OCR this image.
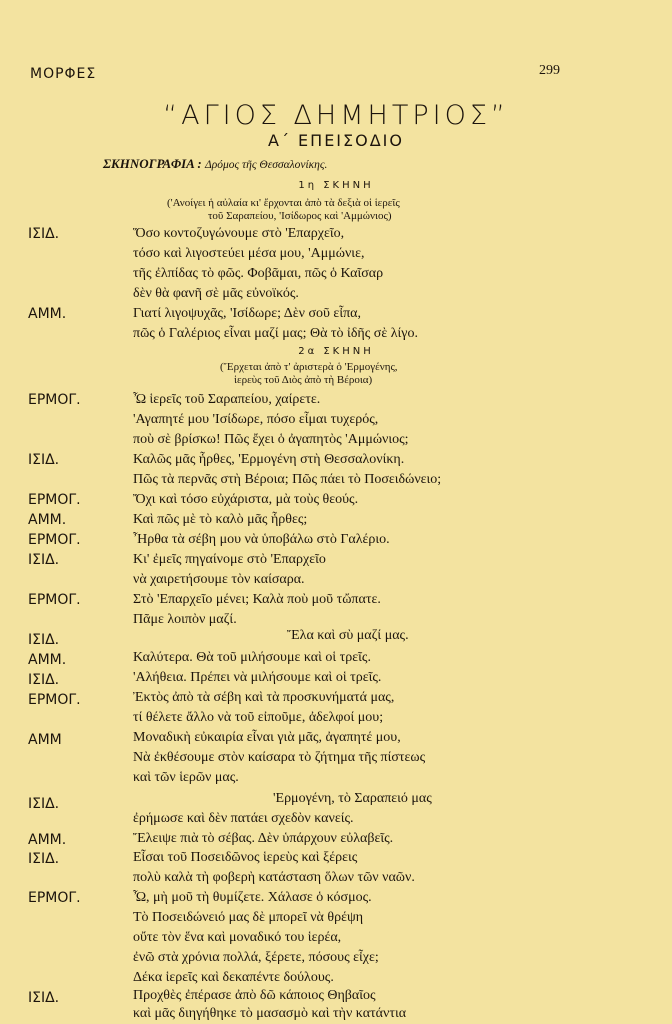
ΜΟΡΦΕΣ	299
“ΑΓΙΟΣ ΔΗΜΗΤΡΙΟΣ”
Α΄ ΕΠΕΙΣΟΔΙΟ
ΣΚΗΝΟΓΡΑΦΙΑ : Δρόμος τῆς Θεσσαλονίκης.
1η ΣΚΗΝΗ
('Ανοίγει ἡ αὐλαία κι' ἔρχονται ἀπὸ τὰ δεξιὰ οἱ ἱερεῖς
τοῦ Σαραπείου, 'Ισίδωρος καὶ 'Αμμώνιος)
ΙΣΙΔ.	Ὅσο κοντοζυγώνουμε στὸ 'Επαρχεῖο,
τόσο καὶ λιγοστεύει μέσα μου, 'Αμμώνιε,
τῆς ἐλπίδας τὸ φῶς. Φοβᾶμαι, πῶς ὁ Καῖσαρ
δὲν θὰ φανῆ σὲ μᾶς εὐνοϊκός.
ΑΜΜ.	Γιατί λιγοψυχᾶς, 'Ισίδωρε; Δὲν σοῦ εἶπα,
πῶς ὁ Γαλέριος εἶναι μαζί μας; Θὰ τὸ ἰδῆς σὲ λίγο.
2α ΣΚΗΝΗ
(Ἔρχεται ἀπὸ τ' ἀριστερὰ ὁ 'Ερμογένης,
ἱερεὺς τοῦ Διὸς ἀπὸ τὴ Βέροια)
ΕΡΜΟΓ.	Ὦ ἱερεῖς τοῦ Σαραπείου, χαίρετε.
'Αγαπητέ μου 'Ισίδωρε, πόσο εἶμαι τυχερός,
ποὺ σὲ βρίσκω! Πῶς ἔχει ὁ ἀγαπητὸς 'Αμμώνιος;
ΙΣΙΔ.	Καλῶς μᾶς ἦρθες, 'Ερμογένη στὴ Θεσσαλονίκη.
Πῶς τὰ περνᾶς στὴ Βέροια; Πῶς πάει τὸ Ποσειδώνειο;
ΕΡΜΟΓ.	Ὄχι καὶ τόσο εὐχάριστα, μὰ τοὺς θεούς.
ΑΜΜ.	Καὶ πῶς μὲ τὸ καλὸ μᾶς ἦρθες;
ΕΡΜΟΓ.	Ἦρθα τὰ σέβη μου νὰ ὑποβάλω στὸ Γαλέριο.
ΙΣΙΔ.	Κι' ἐμεῖς πηγαίνομε στὸ 'Επαρχεῖο
νὰ χαιρετήσουμε τὸν καίσαρα.
ΕΡΜΟΓ.	Στὸ 'Επαρχεῖο μένει; Καλὰ ποὺ μοῦ τὤπατε.
Πᾶμε λοιπὸν μαζί.
ΙΣΙΔ.	Ἔλα καὶ σὺ μαζί μας.
ΑΜΜ.	Καλύτερα. Θὰ τοῦ μιλήσουμε καὶ οἱ τρεῖς.
ΙΣΙΔ.	'Αλήθεια. Πρέπει νὰ μιλήσουμε καὶ οἱ τρεῖς.
ΕΡΜΟΓ.	Ἐκτὸς ἀπὸ τὰ σέβη καὶ τὰ προσκυνήματά μας,
τί θέλετε ἄλλο νὰ τοῦ εἰποῦμε, ἀδελφοί μου;
ΑΜΜ	Μοναδικὴ εὐκαιρία εἶναι γιὰ μᾶς, ἀγαπητέ μου,
Νὰ ἐκθέσουμε στὸν καίσαρα τὸ ζήτημα τῆς πίστεως
καὶ τῶν ἱερῶν μας.
ΙΣΙΔ.	'Ερμογένη, τὸ Σαραπειό μας
ἐρήμωσε καὶ δὲν πατάει σχεδὸν κανείς.
ΑΜΜ.	Ἔλειψε πιὰ τὸ σέβας. Δὲν ὑπάρχουν εὐλαβεῖς.
ΙΣΙΔ.	Εἶσαι τοῦ Ποσειδῶνος ἱερεὺς καὶ ξέρεις
πολὺ καλὰ τὴ φοβερὴ κατάσταση ὅλων τῶν ναῶν.
ΕΡΜΟΓ.	Ὦ, μὴ μοῦ τὴ θυμίζετε. Χάλασε ὁ κόσμος.
Τὸ Ποσειδώνειό μας δὲ μπορεῖ νὰ θρέψη
οὔτε τὸν ἕνα καὶ μοναδικό του ἱερέα,
ἐνῶ στὰ χρόνια πολλά, ξέρετε, πόσους εἶχε;
Δέκα ἱερεῖς καὶ δεκαπέντε δούλους.
ΙΣΙΔ.	Προχθὲς ἐπέρασε ἀπὸ δῶ κάποιος Θηβαῖος
καὶ μᾶς διηγήθηκε τὸ μασασμὸ καὶ τὴν κατάντια
